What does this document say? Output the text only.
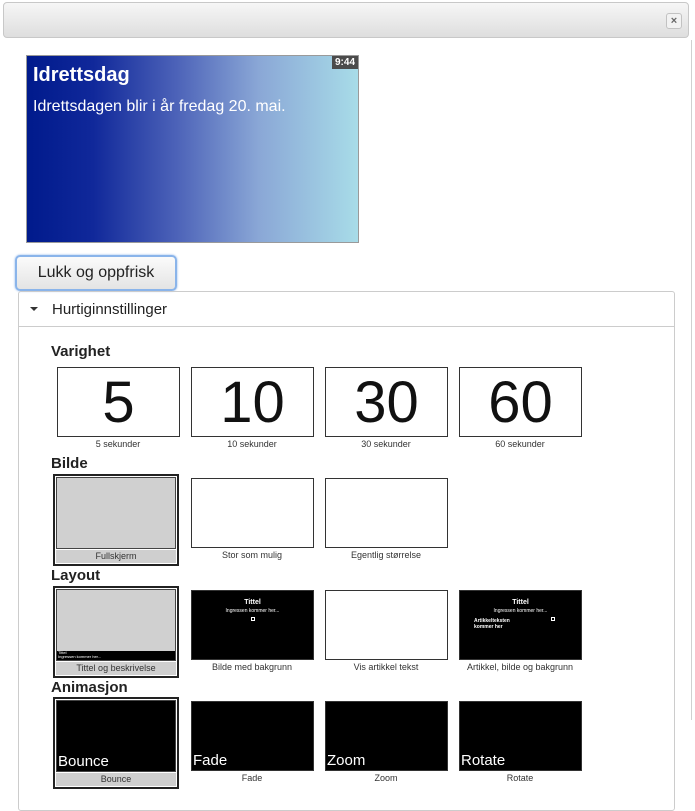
×
Idrettsdag
Idrettsdagen blir i år fredag 20. mai.
9:44
Lukk og oppfrisk
Hurtiginnstillinger
Varighet
5
5 sekunder
10
10 sekunder
30
30 sekunder
60
60 sekunder
Bilde
Fullskjerm	Stor som mulig	Egentlig størrelse
Layout
Tittel
Ingressen kommer her...
Tittel og beskrivelse
Tittel
Ingressen kommer her...
Bilde med bakgrunn	Vis artikkel tekst
Tittel
Ingressen kommer her...
Artikkelteksten kommer her
Artikkel, bilde og bakgrunn
Animasjon
Bounce
Bounce
Fade
Fade
Zoom
Zoom
Rotate
Rotate
